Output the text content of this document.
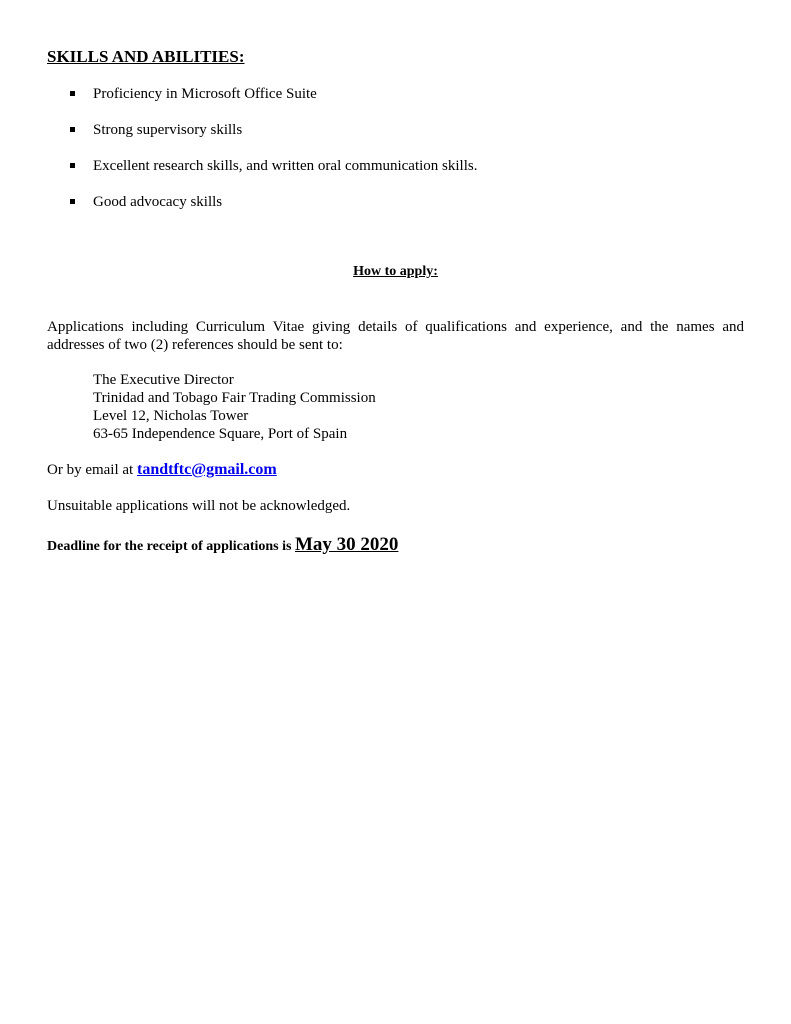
SKILLS AND ABILITIES:
Proficiency in Microsoft Office Suite
Strong supervisory skills
Excellent research skills, and written oral communication skills.
Good advocacy skills
How to apply:
Applications including Curriculum Vitae giving details of qualifications and experience, and the names and addresses of two (2) references should be sent to:
The Executive Director
Trinidad and Tobago Fair Trading Commission
Level 12, Nicholas Tower
63-65 Independence Square, Port of Spain
Or by email at tandtftc@gmail.com
Unsuitable applications will not be acknowledged.
Deadline for the receipt of applications is May 30 2020
